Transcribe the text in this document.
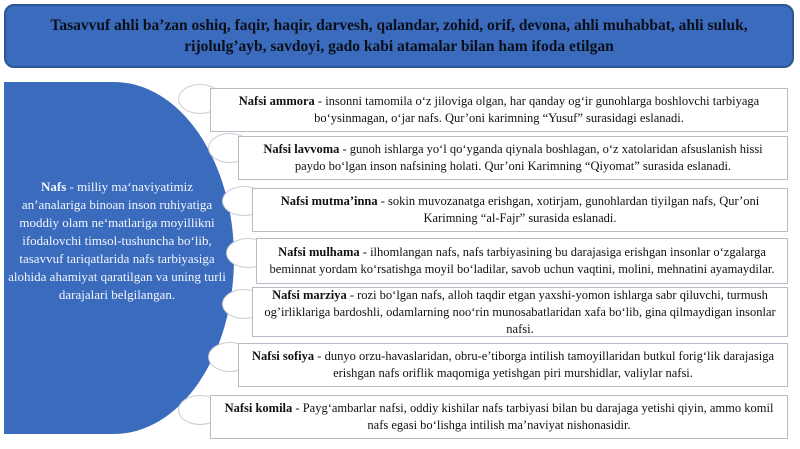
Tasavvuf ahli ba’zan oshiq, faqir, haqir, darvesh, qalandar, zohid, orif, devona, ahli muhabbat, ahli suluk, rijolulg’ayb, savdoyi, gado kabi atamalar bilan ham ifoda etilgan
Nafs - milliy ma‘naviyatimiz an’analariga binoan inson ruhiyatiga moddiy olam ne‘matlariga moyillikni ifodalovchi timsol-tushuncha bo‘lib, tasavvuf tariqatlarida nafs tarbiyasiga alohida ahamiyat qaratilgan va uning turli darajalari belgilangan.
Nafsi ammora - insonni tamomila o‘z jiloviga olgan, har qanday og‘ir gunohlarga boshlovchi tarbiyaga bo‘ysinmagan, o‘jar nafs. Qur’oni karimning “Yusuf” surasidagi eslanadi.
Nafsi lavvoma - gunoh ishlarga yo‘l qo‘yganda qiynala boshlagan, o‘z xatolaridan afsuslanish hissi paydo bo‘lgan inson nafsining holati. Qur’oni Karimning “Qiyomat” surasida eslanadi.
Nafsi mutma’inna - sokin muvozanatga erishgan, xotirjam, gunohlardan tiyilgan nafs, Qur’oni Karimning “al-Fajr” surasida eslanadi.
Nafsi mulhama - ilhomlangan nafs, nafs tarbiyasining bu darajasiga erishgan insonlar o‘zgalarga beminnat yordam ko‘rsatishga moyil bo‘ladilar, savob uchun vaqtini, molini, mehnatini ayamaydilar.
Nafsi marziya - rozi bo‘lgan nafs, alloh taqdir etgan yaxshi-yomon ishlarga sabr qiluvchi, turmush og’irliklariga bardoshli, odamlarning noo‘rin munosabatlaridan xafa bo‘lib, gina qilmaydigan insonlar nafsi.
Nafsi sofiya - dunyo orzu-havaslaridan, obru-e’tiborga intilish tamoyillaridan butkul forig‘lik darajasiga erishgan nafs oriflik maqomiga yetishgan piri murshidlar, valiylar nafsi.
Nafsi komila - Payg‘ambarlar nafsi, oddiy kishilar nafs tarbiyasi bilan bu darajaga yetishi qiyin, ammo komil nafs egasi bo‘lishga intilish ma’naviyat nishonasidir.
